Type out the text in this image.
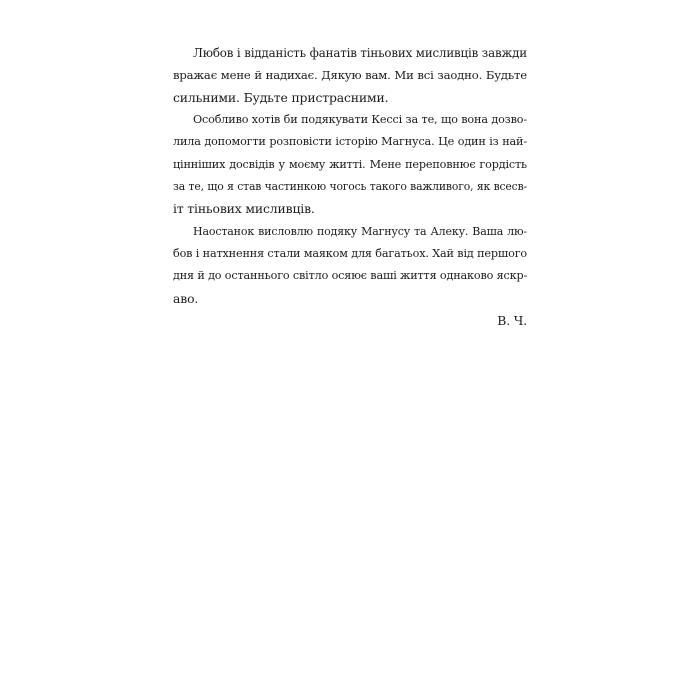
Любов і відданість фанатів тіньових мисливців завжди
вражає мене й надихає. Дякую вам. Ми всі заодно. Будьте
сильними. Будьте пристрасними.
Особливо хотів би подякувати Кессі за те, що вона дозво-
лила допомогти розповісти історію Магнуса. Це один із най-
цінніших досвідів у моєму житті. Мене переповнює гордість
за те, що я став частинкою чогось такого важливого, як всесв-
іт тіньових мисливців.
Наостанок висловлю подяку Магнусу та Алеку. Ваша лю-
бов і натхнення стали маяком для багатьох. Хай від першого
дня й до останнього світло осяює ваші життя однаково яскр-
аво.
В. Ч.
